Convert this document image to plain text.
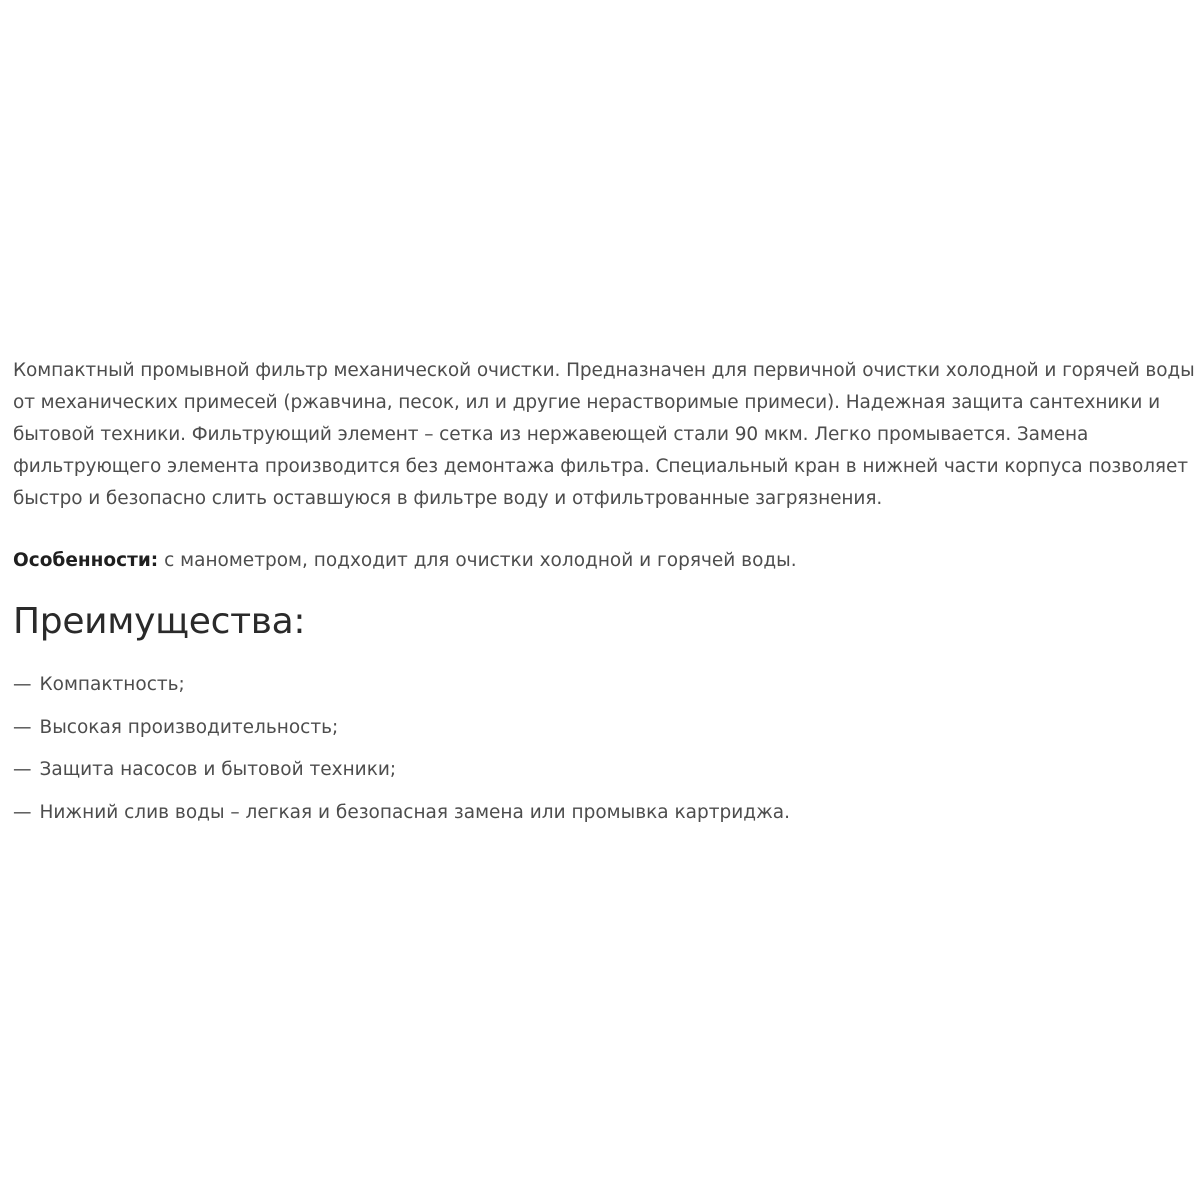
Компактный промывной фильтр механической очистки. Предназначен для первичной очистки холодной и горячей воды от механических примесей (ржавчина, песок, ил и другие нерастворимые примеси). Надежная защита сантехники и бытовой техники. Фильтрующий элемент – сетка из нержавеющей стали 90 мкм. Легко промывается. Замена фильтрующего элемента производится без демонтажа фильтра. Специальный кран в нижней части корпуса позволяет быстро и безопасно слить оставшуюся в фильтре воду и отфильтрованные загрязнения.

Особенности: с манометром, подходит для очистки холодной и горячей воды.

Преимущества:
— Компактность;
— Высокая производительность;
— Защита насосов и бытовой техники;
— Нижний слив воды – легкая и безопасная замена или промывка картриджа.
